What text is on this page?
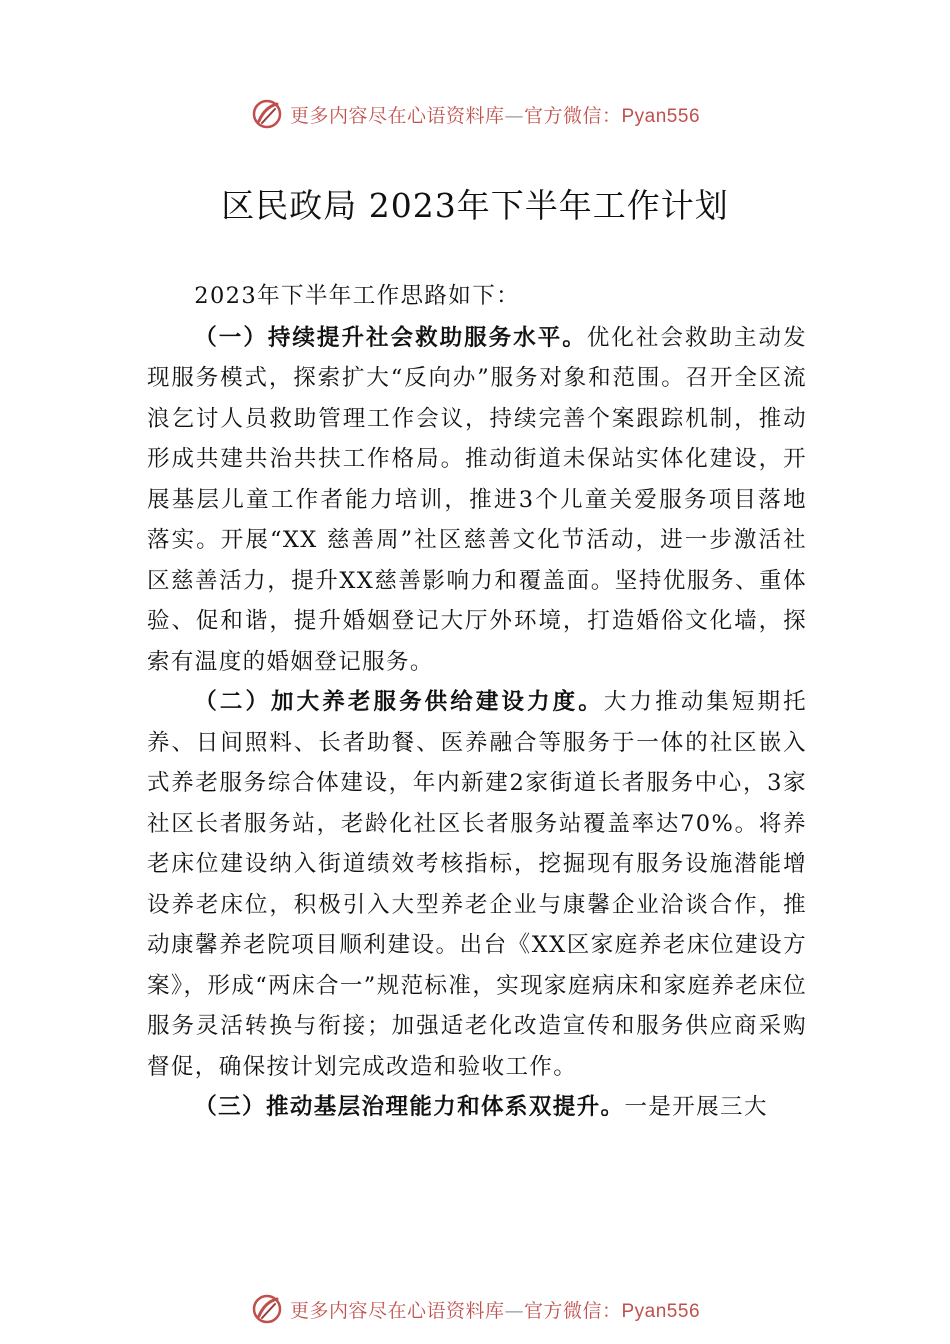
更多内容尽在心语资料库—官方微信：Pyan556
区民政局 2023年下半年工作计划

2023年下半年工作思路如下：

（一）持续提升社会救助服务水平。优化社会救助主动发现服务模式，探索扩大“反向办”服务对象和范围。召开全区流浪乞讨人员救助管理工作会议，持续完善个案跟踪机制，推动形成共建共治共扶工作格局。推动街道未保站实体化建设，开展基层儿童工作者能力培训，推进3个儿童关爱服务项目落地落实。开展“XX 慈善周”社区慈善文化节活动，进一步激活社区慈善活力，提升XX慈善影响力和覆盖面。坚持优服务、重体验、促和谐，提升婚姻登记大厅外环境，打造婚俗文化墙，探索有温度的婚姻登记服务。

（二）加大养老服务供给建设力度。大力推动集短期托养、日间照料、长者助餐、医养融合等服务于一体的社区嵌入式养老服务综合体建设，年内新建2家街道长者服务中心，3家社区长者服务站，老龄化社区长者服务站覆盖率达70%。将养老床位建设纳入街道绩效考核指标，挖掘现有服务设施潜能增设养老床位，积极引入大型养老企业与康馨企业洽谈合作，推动康馨养老院项目顺利建设。出台《XX区家庭养老床位建设方案》，形成“两床合一”规范标准，实现家庭病床和家庭养老床位服务灵活转换与衔接；加强适老化改造宣传和服务供应商采购督促，确保按计划完成改造和验收工作。

（三）推动基层治理能力和体系双提升。一是开展三大

更多内容尽在心语资料库—官方微信：Pyan556
